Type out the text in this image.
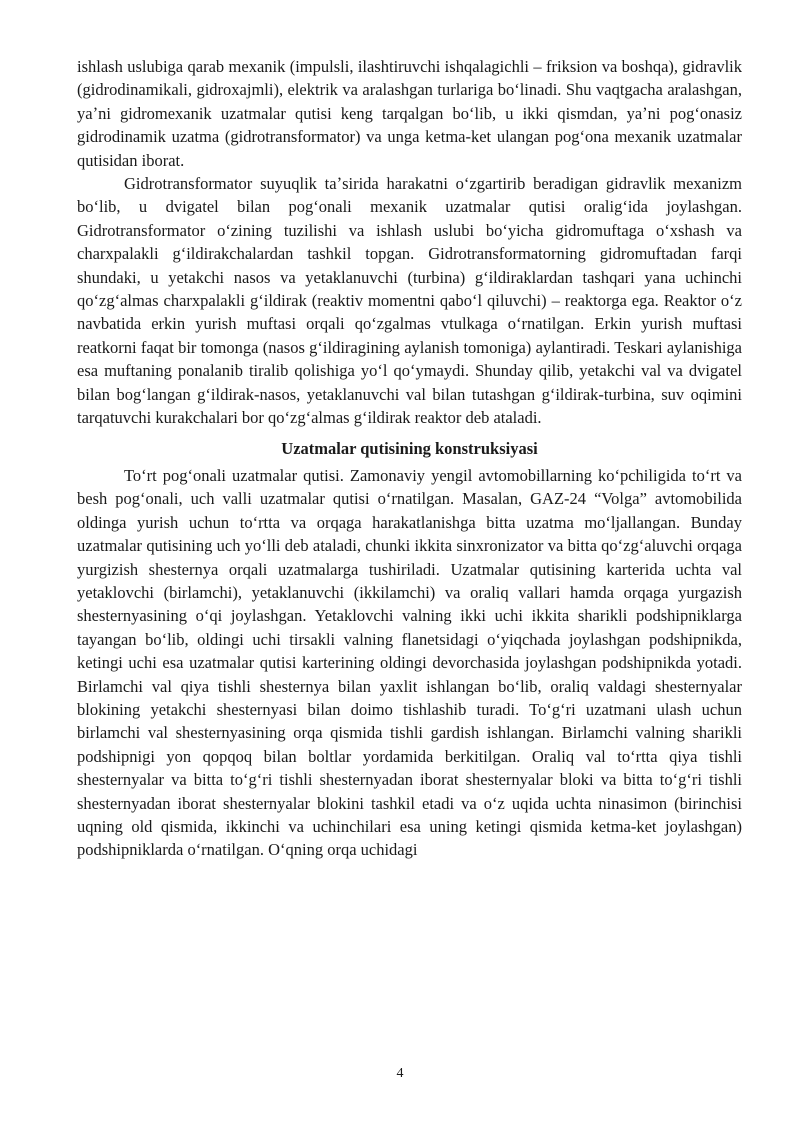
ishlash uslubiga qarab mexanik (impulsli, ilashtiruvchi ishqalagichli – friksion va boshqa), gidravlik (gidrodinamikali, gidroxajmli), elektrik va aralashgan turlariga boʻlinadi. Shu vaqtgacha aralashgan, yaʼni gidromexanik uzatmalar qutisi keng tarqalgan boʻlib, u ikki qismdan, yaʼni pogʻonasiz gidrodinamik uzatma (gidrotransformator) va unga ketma-ket ulangan pogʻona mexanik uzatmalar qutisidan iborat.

Gidrotransformator suyuqlik taʼsirida harakatni oʻzgartirib beradigan gidravlik mexanizm boʻlib, u dvigatel bilan pogʻonali mexanik uzatmalar qutisi oraligʻida joylashgan. Gidrotransformator oʻzining tuzilishi va ishlash uslubi boʻyicha gidromuftaga oʻxshash va charxpalakli gʻildirakchalardan tashkil topgan. Gidrotransformatorning gidromuftadan farqi shundaki, u yetakchi nasos va yetaklanuvchi (turbina) gʻildiraklardan tashqari yana uchinchi qoʻzgʻalmas charxpalakli gʻildirak (reaktiv momentni qaboʻl qiluvchi) – reaktorga ega. Reaktor oʻz navbatida erkin yurish muftasi orqali qoʻzgalmas vtulkaga oʻrnatilgan. Erkin yurish muftasi reatkorni faqat bir tomonga (nasos gʻildiragining aylanish tomoniga) aylantiradi. Teskari aylanishiga esa muftaning ponalanib tiralib qolishiga yoʻl qoʻymaydi. Shunday qilib, yetakchi val va dvigatel bilan bogʻlangan gʻildirak-nasos, yetaklanuvchi val bilan tutashgan gʻildirak-turbina, suv oqimini tarqatuvchi kurakchalari bor qoʻzgʻalmas gʻildirak reaktor deb ataladi.

Uzatmalar qutisining konstruksiyasi

Toʻrt pogʻonali uzatmalar qutisi. Zamonaviy yengil avtomobillarning koʻpchiligida toʻrt va besh pogʻonali, uch valli uzatmalar qutisi oʻrnatilgan. Masalan, GAZ-24 “Volga” avtomobilida oldinga yurish uchun toʻrtta va orqaga harakatlanishga bitta uzatma moʻljallangan. Bunday uzatmalar qutisining uch yoʻlli deb ataladi, chunki ikkita sinxronizator va bitta qoʻzgʻaluvchi orqaga yurgizish shesternya orqali uzatmalarga tushiriladi. Uzatmalar qutisining karterida uchta val yetaklovchi (birlamchi), yetaklanuvchi (ikkilamchi) va oraliq vallari hamda orqaga yurgazish shesternyasining oʻqi joylashgan. Yetaklovchi valning ikki uchi ikkita sharikli podshipniklarga tayangan boʻlib, oldingi uchi tirsakli valning flanetsidagi oʻyiqchada joylashgan podshipnikda, ketingi uchi esa uzatmalar qutisi karterining oldingi devorchasida joylashgan podshipnikda yotadi. Birlamchi val qiya tishli shesternya bilan yaxlit ishlangan boʻlib, oraliq valdagi shesternyalar blokining yetakchi shesternyasi bilan doimo tishlashib turadi. Toʻgʻri uzatmani ulash uchun birlamchi val shesternyasining orqa qismida tishli gardish ishlangan. Birlamchi valning sharikli podshipnigi yon qopqoq bilan boltlar yordamida berkitilgan. Oraliq val toʻrtta qiya tishli shesternyalar va bitta toʻgʻri tishli shesternyadan iborat shesternyalar bloki va bitta toʻgʻri tishli shesternyadan iborat shesternyalar blokini tashkil etadi va oʻz uqida uchta ninasimon (birinchisi uqning old qismida, ikkinchi va uchinchilari esa uning ketingi qismida ketma-ket joylashgan) podshipniklarda oʻrnatilgan. Oʻqning orqa uchidagi

4
